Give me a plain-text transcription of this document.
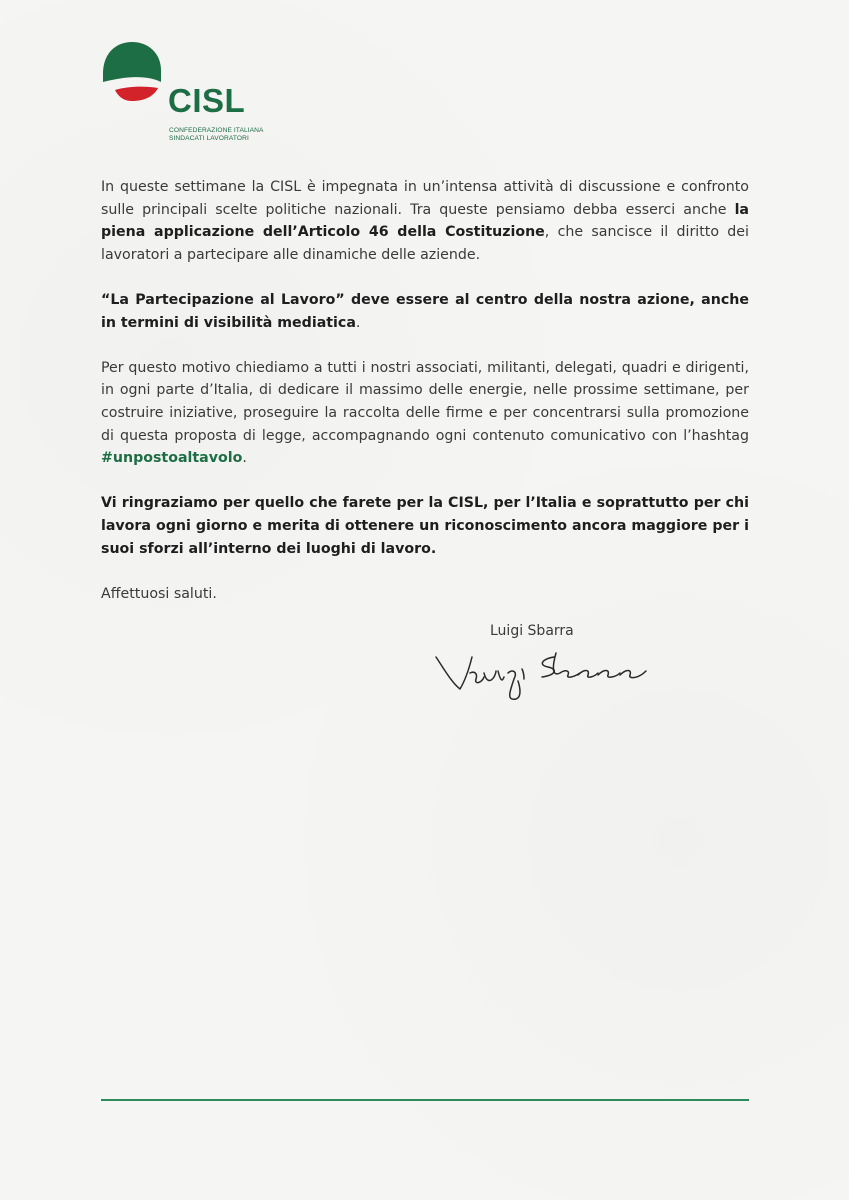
CISL
CONFEDERAZIONE ITALIANA
SINDACATI LAVORATORI

In queste settimane la CISL è impegnata in un’intensa attività di discussione e confronto sulle principali scelte politiche nazionali. Tra queste pensiamo debba esserci anche la piena applicazione dell’Articolo 46 della Costituzione, che sancisce il diritto dei lavoratori a partecipare alle dinamiche delle aziende.

“La Partecipazione al Lavoro” deve essere al centro della nostra azione, anche in termini di visibilità mediatica.

Per questo motivo chiediamo a tutti i nostri associati, militanti, delegati, quadri e dirigenti, in ogni parte d’Italia, di dedicare il massimo delle energie, nelle prossime settimane, per costruire iniziative, proseguire la raccolta delle firme e per concentrarsi sulla promozione di questa proposta di legge, accompagnando ogni contenuto comunicativo con l’hashtag #unpostoaltavolo.

Vi ringraziamo per quello che farete per la CISL, per l’Italia e soprattutto per chi lavora ogni giorno e merita di ottenere un riconoscimento ancora maggiore per i suoi sforzi all’interno dei luoghi di lavoro.

Affettuosi saluti.

Luigi Sbarra
